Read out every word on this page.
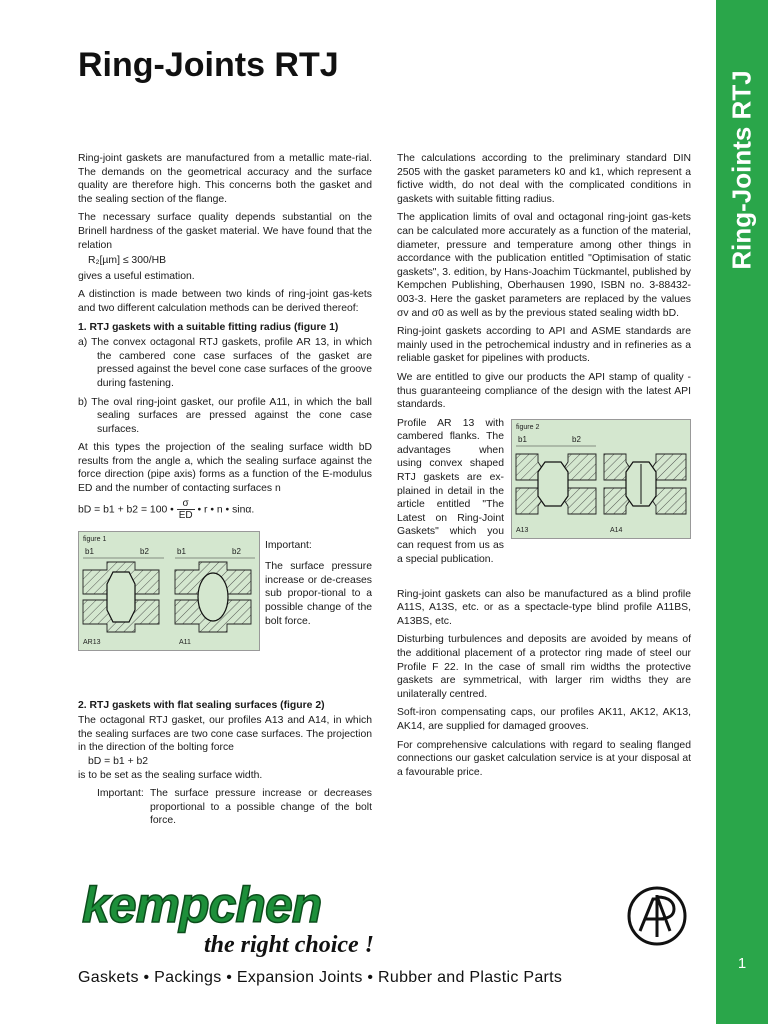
Ring-Joints RTJ
1
Ring-Joints RTJ

Ring-joint gaskets are manufactured from a metallic mate-rial. The demands on the geometrical accuracy and the surface quality are therefore high. This concerns both the gasket and the sealing section of the flange.

The necessary surface quality depends substantial on the Brinell hardness of the gasket material. We have found that the relation

R₂[µm] ≤ 300/HB

gives a useful estimation.

A distinction is made between two kinds of ring-joint gas-kets and two different calculation methods can be derived thereof:

1. RTJ gaskets with a suitable fitting radius (figure 1)

a) The convex octagonal RTJ gaskets, profile AR 13, in which the cambered cone case surfaces of the gasket are pressed against the bevel cone case surfaces of the groove during fastening.

b) The oval ring-joint gasket, our profile A11, in which the ball sealing surfaces are pressed against the cone case surfaces.

At this types the projection of the sealing surface width bD results from the angle a, which the sealing surface against the force direction (pipe axis) forms as a function of the E-modulus ED and the number of contacting surfaces n

bD = b1 + b2 = 100 • $\frac{\sigma}{ED}$ • r • n • sinα.

figure 1
b1	b2	b1	b2
AR13	A11

Important:

The surface pressure increase or de-creases sub propor-tional to a possible change of the bolt force.

2. RTJ gaskets with flat sealing surfaces (figure 2)

The octagonal RTJ gasket, our profiles A13 and A14, in which the sealing surfaces are two cone case surfaces. The projection in the direction of the bolting force

bD = b1 + b2

is to be set as the sealing surface width.

Important: The surface pressure increase or decreases proportional to a possible change of the bolt force.

The calculations according to the preliminary standard DIN 2505 with the gasket parameters k0 and k1, which represent a fictive width, do not deal with the complicated conditions in gaskets with suitable fitting radius.

The application limits of oval and octagonal ring-joint gas-kets can be calculated more accurately as a function of the material, diameter, pressure and temperature among other things in accordance with the publication entitled "Optimisation of static gaskets", 3. edition, by Hans-Joachim Tückmantel, published by Kempchen Publishing, Oberhausen 1990, ISBN no. 3-88432-003-3. Here the gasket parameters are replaced by the values σv and σ0 as well as by the previous stated sealing width bD.

Ring-joint gaskets according to API and ASME standards are mainly used in the petrochemical industry and in refineries as a reliable gasket for pipelines with products.

We are entitled to give our products the API stamp of quality - thus guaranteeing compliance of the design with the latest API standards.

Profile AR 13 with cambered flanks. The advantages when using convex shaped RTJ gaskets are ex-plained in detail in the article entitled "The Latest on Ring-Joint Gaskets" which you can request from us as a special publication.
figure 2
b1	b2
A13	A14

Ring-joint gaskets can also be manufactured as a blind profile A11S, A13S, etc. or as a spectacle-type blind profile A11BS, A13BS, etc.

Disturbing turbulences and deposits are avoided by means of the additional placement of a protector ring made of steel our Profile F 22. In the case of small rim widths the protective gaskets are symmetrical, with larger rim widths they are unilaterally centred.

Soft-iron compensating caps, our profiles AK11, AK12, AK13, AK14, are supplied for damaged grooves.

For comprehensive calculations with regard to sealing flanged connections our gasket calculation service is at your disposal at a favourable price.

kempchen
the right choice !
Gaskets • Packings • Expansion Joints • Rubber and Plastic Parts
